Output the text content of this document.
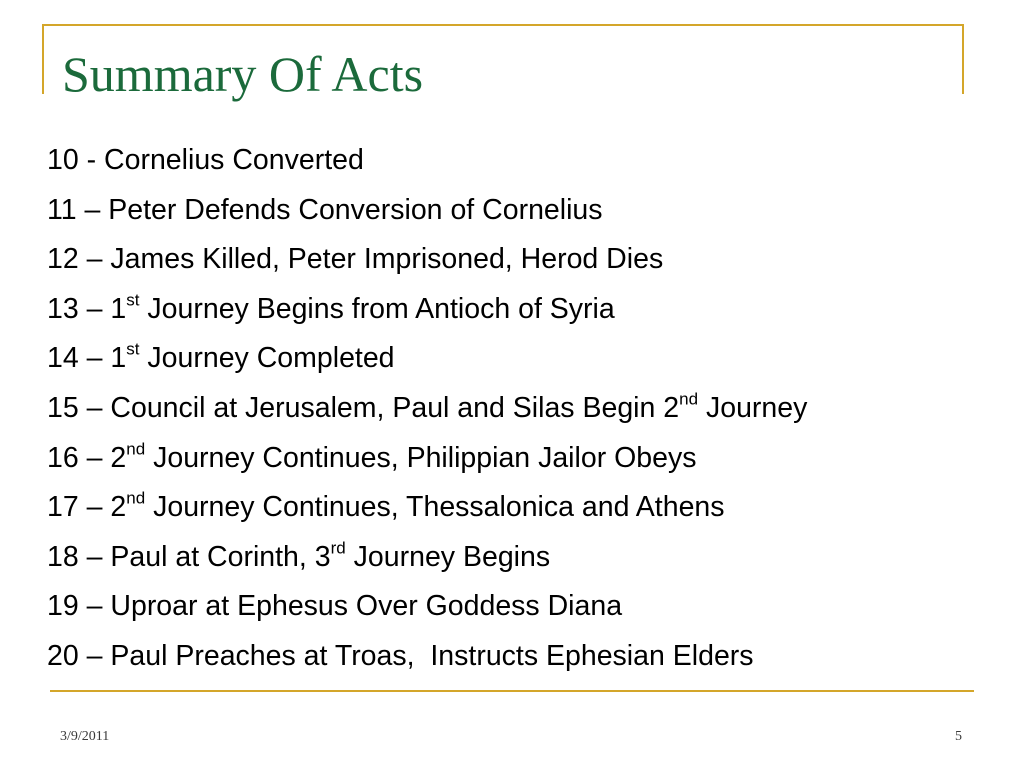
Summary Of Acts
10 - Cornelius Converted
11 – Peter Defends Conversion of Cornelius
12 – James Killed, Peter Imprisoned, Herod Dies
13 – 1st Journey Begins from Antioch of Syria
14 – 1st Journey Completed
15 – Council at Jerusalem, Paul and Silas Begin 2nd Journey
16 – 2nd Journey Continues, Philippian Jailor Obeys
17 – 2nd Journey Continues, Thessalonica and Athens
18 – Paul at Corinth, 3rd Journey Begins
19 – Uproar at Ephesus Over Goddess Diana
20 – Paul Preaches at Troas,  Instructs Ephesian Elders
3/9/2011	5
